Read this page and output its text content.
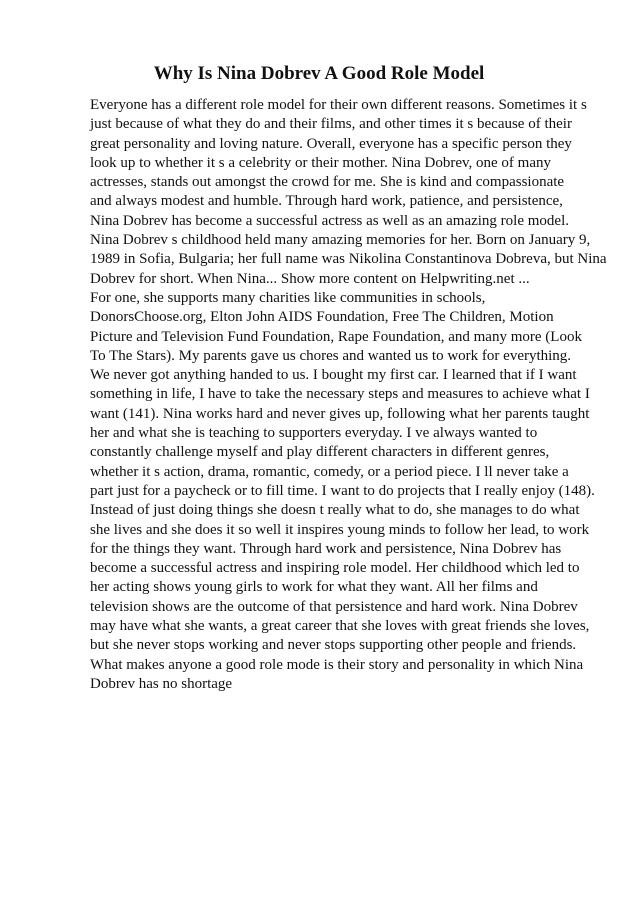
Why Is Nina Dobrev A Good Role Model
Everyone has a different role model for their own different reasons. Sometimes it s
just because of what they do and their films, and other times it s because of their
great personality and loving nature. Overall, everyone has a specific person they
look up to whether it s a celebrity or their mother. Nina Dobrev, one of many
actresses, stands out amongst the crowd for me. She is kind and compassionate
and always modest and humble. Through hard work, patience, and persistence,
Nina Dobrev has become a successful actress as well as an amazing role model.
Nina Dobrev s childhood held many amazing memories for her. Born on January 9,
1989 in Sofia, Bulgaria; her full name was Nikolina Constantinova Dobreva, but Nina
Dobrev for short. When Nina... Show more content on Helpwriting.net ...
For one, she supports many charities like communities in schools,
DonorsChoose.org, Elton John AIDS Foundation, Free The Children, Motion
Picture and Television Fund Foundation, Rape Foundation, and many more (Look
To The Stars). My parents gave us chores and wanted us to work for everything.
We never got anything handed to us. I bought my first car. I learned that if I want
something in life, I have to take the necessary steps and measures to achieve what I
want (141). Nina works hard and never gives up, following what her parents taught
her and what she is teaching to supporters everyday. I ve always wanted to
constantly challenge myself and play different characters in different genres,
whether it s action, drama, romantic, comedy, or a period piece. I ll never take a
part just for a paycheck or to fill time. I want to do projects that I really enjoy (148).
Instead of just doing things she doesn t really what to do, she manages to do what
she lives and she does it so well it inspires young minds to follow her lead, to work
for the things they want. Through hard work and persistence, Nina Dobrev has
become a successful actress and inspiring role model. Her childhood which led to
her acting shows young girls to work for what they want. All her films and
television shows are the outcome of that persistence and hard work. Nina Dobrev
may have what she wants, a great career that she loves with great friends she loves,
but she never stops working and never stops supporting other people and friends.
What makes anyone a good role mode is their story and personality in which Nina
Dobrev has no shortage
